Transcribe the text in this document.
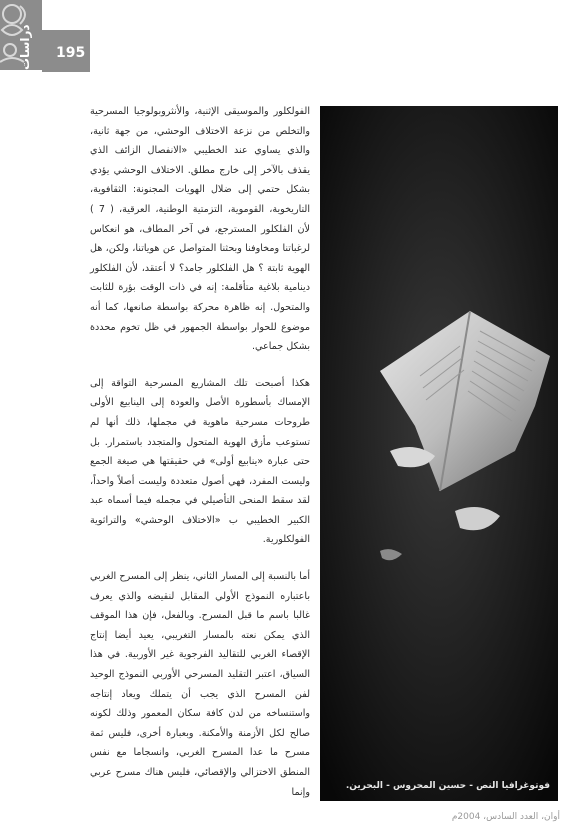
دراسات	195

الفولكلور والموسيقى الإثنية، والأنثروبولوجيا المسرحية والتخلص من نزعة الاختلاف الوحشي، من جهة ثانية، والذي يساوي عند الخطيبي «الانفصال الزائف الذي يقذف بالآخر إلى خارج مطلق. الاختلاف الوحشي يؤدي بشكل حتمي إلى ضلال الهويات المجنونة: الثقافوية، التاريخوية، القوموية، التزمتية الوطنية، العرقية، ( 7 ) لأن الفلكلور المسترجع، في آخر المطاف، هو انعكاس لرغباتنا ومخاوفنا وبحثنا المتواصل عن هوياتنا، ولكن، هل الهوية ثابتة ؟ هل الفلكلور جامد؟ لا أعتقد، لأن الفلكلور دينامية بلاغية متأقلمة: إنه في ذات الوقت بؤرة للثابت والمتحول. إنه ظاهرة محركة بواسطة صانعها، كما أنه موضوع للحوار بواسطة الجمهور في ظل تخوم محددة بشكل جماعي.

هكذا أصبحت تلك المشاريع المسرحية التواقة إلى الإمساك بأسطورة الأصل والعودة إلى الينابيع الأولى طروحات مسرحية ماهوية في مجملها، ذلك أنها لم تستوعب مأزق الهوية المتحول والمتجدد باستمرار. بل حتى عبارة «ينابيع أولى» في حقيقتها هي صيغة الجمع وليست المفرد، فهي أصول متعددة وليست أصلاً واحداً، لقد سقط المنحى التأصيلي في مجمله فيما أسماه عبد الكبير الخطيبي ب «الاختلاف الوحشي» والتراثوية الفولكلورية.

أما بالنسبة إلى المسار الثاني، ينظر إلى المسرح الغربي باعتباره النموذج الأولي المقابل لنقيضه والذي يعرف غالبا باسم ما قبل المسرح. وبالفعل، فإن هذا الموقف الذي يمكن نعته بالمسار التغريبي، يعيد أيضا إنتاج الإقصاء الغربي للتقاليد الفرجوية غير الأوربية. في هذا السياق، اعتبر التقليد المسرحي الأوربي النموذج الوحيد لفن المسرح الذي يجب أن يتملك ويعاد إنتاجه واستنساخه من لدن كافة سكان المعمور وذلك لكونه صالح لكل الأزمنة والأمكنة. وبعبارة أخرى، فليس ثمة مسرح ما عدا المسرح الغربي، وانسجاما مع نفس المنطق الاختزالي والإقصائي، فليس هناك مسرح عربي وإنما

فوتوغرافيا النص - حسين المحروس - البحرين.
أوان، العدد السادس، 2004م
